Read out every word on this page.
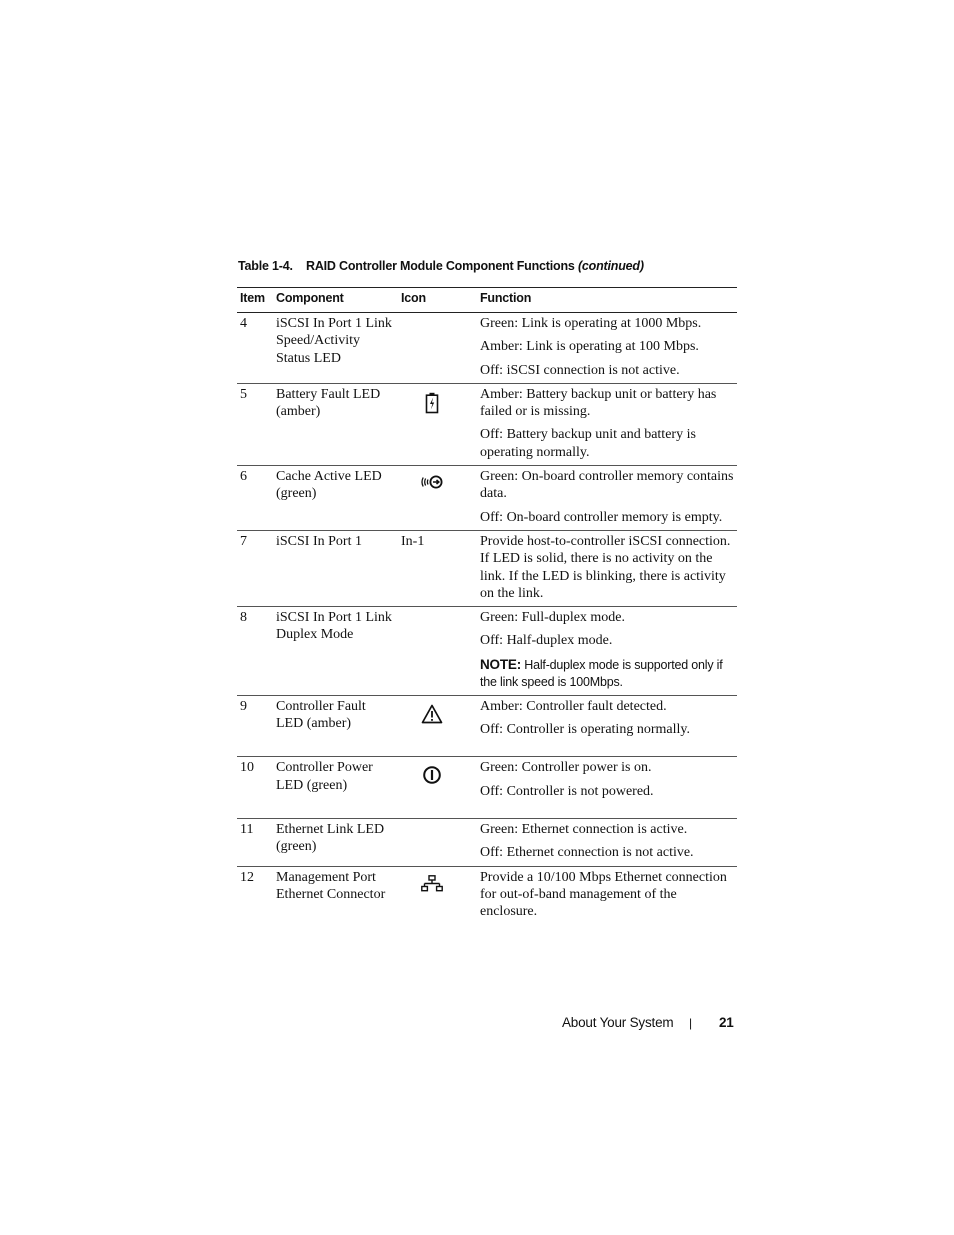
Table 1-4. RAID Controller Module Component Functions (continued)
Item	Component	Icon	Function
4	iSCSI In Port 1 Link Speed/Activity Status LED		Green: Link is operating at 1000 Mbps.

Amber: Link is operating at 100 Mbps.

Off: iSCSI connection is not active.

5	Battery Fault LED (amber)		Amber: Battery backup unit or battery has failed or is missing.

Off: Battery backup unit and battery is operating normally.

6	Cache Active LED (green)		Green: On-board controller memory contains data.

Off: On-board controller memory is empty.

7	iSCSI In Port 1	In-1	Provide host-to-controller iSCSI connection. If LED is solid, there is no activity on the link. If the LED is blinking, there is activity on the link.

8	iSCSI In Port 1 Link Duplex Mode		Green: Full-duplex mode.

Off: Half-duplex mode.

NOTE: Half-duplex mode is supported only if the link speed is 100Mbps.

9	Controller Fault LED (amber)		Amber: Controller fault detected.

Off: Controller is operating normally.

10	Controller Power LED (green)		Green: Controller power is on.

Off: Controller is not powered.

11	Ethernet Link LED (green)		Green: Ethernet connection is active.

Off: Ethernet connection is not active.

12	Management Port Ethernet Connector		Provide a 10/100 Mbps Ethernet connection for out-of-band management of the enclosure.

About Your System | 21
